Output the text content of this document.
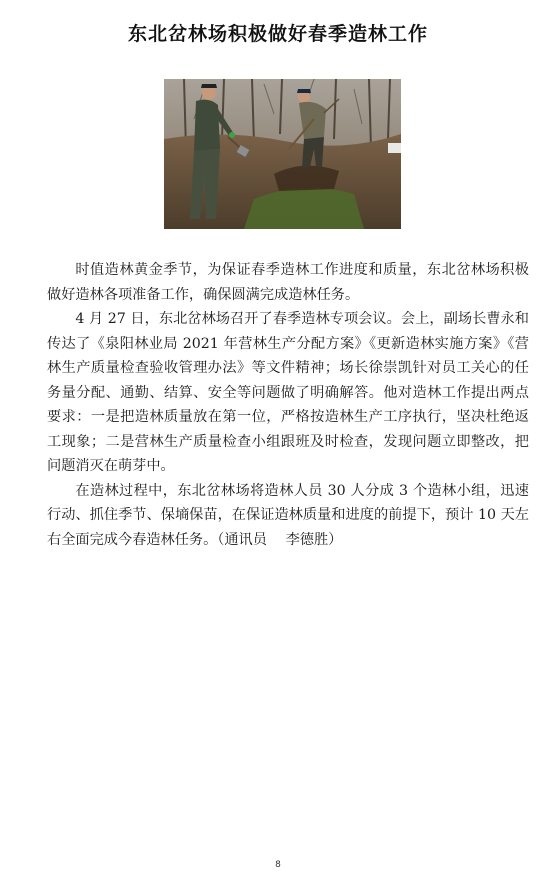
东北岔林场积极做好春季造林工作

时值造林黄金季节，为保证春季造林工作进度和质量，东北岔林场积极做好造林各项准备工作，确保圆满完成造林任务。

4 月 27 日，东北岔林场召开了春季造林专项会议。会上，副场长曹永和传达了《泉阳林业局 2021 年营林生产分配方案》《更新造林实施方案》《营林生产质量检查验收管理办法》等文件精神；场长徐崇凯针对员工关心的任务量分配、通勤、结算、安全等问题做了明确解答。他对造林工作提出两点要求：一是把造林质量放在第一位，严格按造林生产工序执行，坚决杜绝返工现象；二是营林生产质量检查小组跟班及时检查，发现问题立即整改，把问题消灭在萌芽中。

在造林过程中，东北岔林场将造林人员 30 人分成 3 个造林小组，迅速行动、抓住季节、保墒保苗，在保证造林质量和进度的前提下，预计 10 天左右全面完成今春造林任务。（通讯员　 李德胜）

8
